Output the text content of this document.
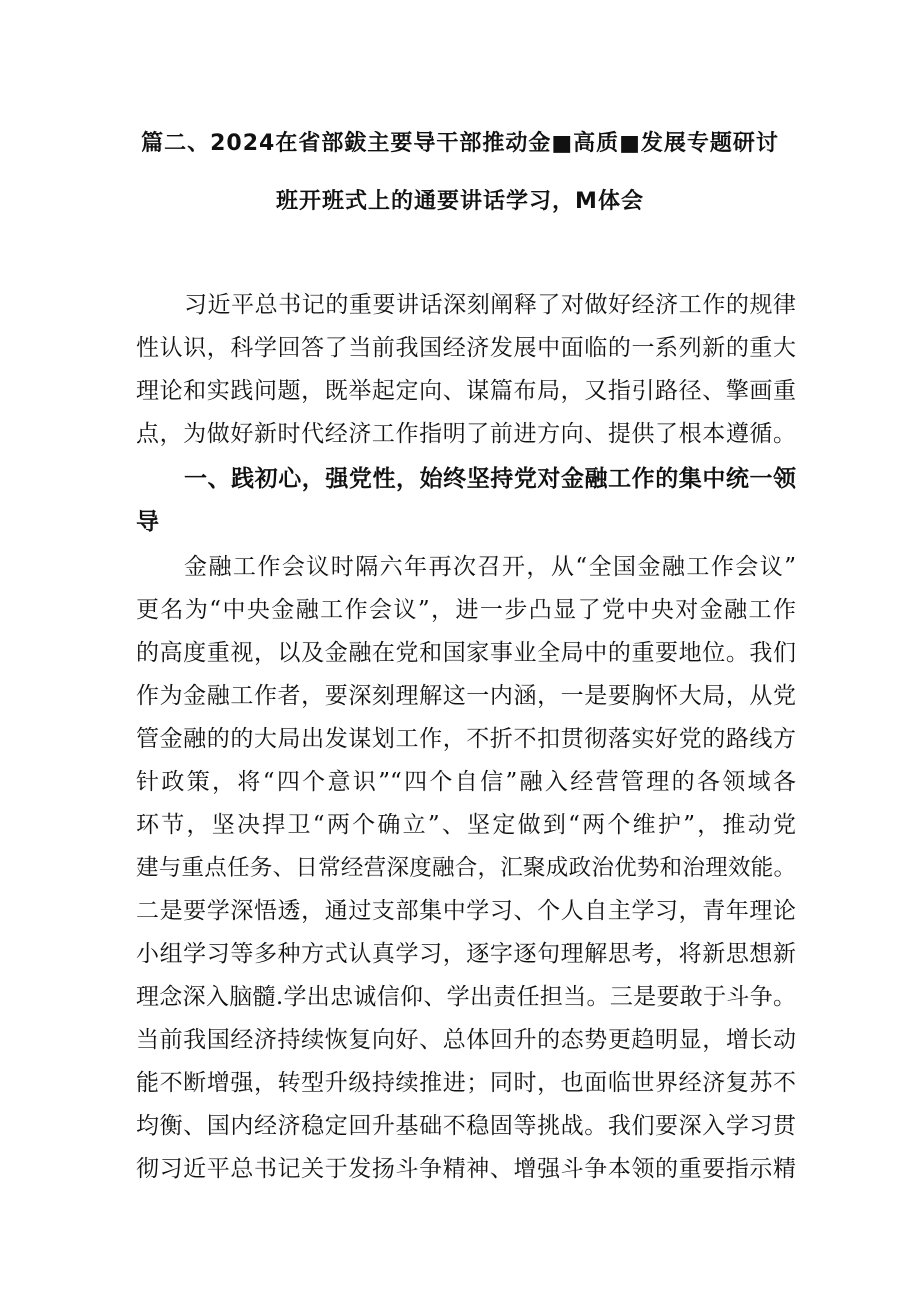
篇二、2024在省部鈸主要导干部推动金■高质■发展专题研讨
班开班式上的通要讲话学习，M体会
习近平总书记的重要讲话深刻阐释了对做好经济工作的规律
性认识，科学回答了当前我国经济发展中面临的一系列新的重大
理论和实践问题，既举起定向、谋篇布局，又指引路径、擎画重
点，为做好新时代经济工作指明了前进方向、提供了根本遵循。
一、践初心，强党性，始终坚持党对金融工作的集中统一领
导
金融工作会议时隔六年再次召开，从“全国金融工作会议”
更名为“中央金融工作会议”，进一步凸显了党中央对金融工作
的高度重视，以及金融在党和国家事业全局中的重要地位。我们
作为金融工作者，要深刻理解这一内涵，一是要胸怀大局，从党
管金融的的大局出发谋划工作，不折不扣贯彻落实好党的路线方
针政策，将“四个意识”“四个自信”融入经营管理的各领域各
环节，坚决捍卫“两个确立”、坚定做到“两个维护”，推动党
建与重点任务、日常经营深度融合，汇聚成政治优势和治理效能。
二是要学深悟透，通过支部集中学习、个人自主学习，青年理论
小组学习等多种方式认真学习，逐字逐句理解思考，将新思想新
理念深入脑髓.学出忠诚信仰、学出责任担当。三是要敢于斗争。
当前我国经济持续恢复向好、总体回升的态势更趋明显，增长动
能不断增强，转型升级持续推进；同时，也面临世界经济复苏不
均衡、国内经济稳定回升基础不稳固等挑战。我们要深入学习贯
彻习近平总书记关于发扬斗争精神、增强斗争本领的重要指示精
